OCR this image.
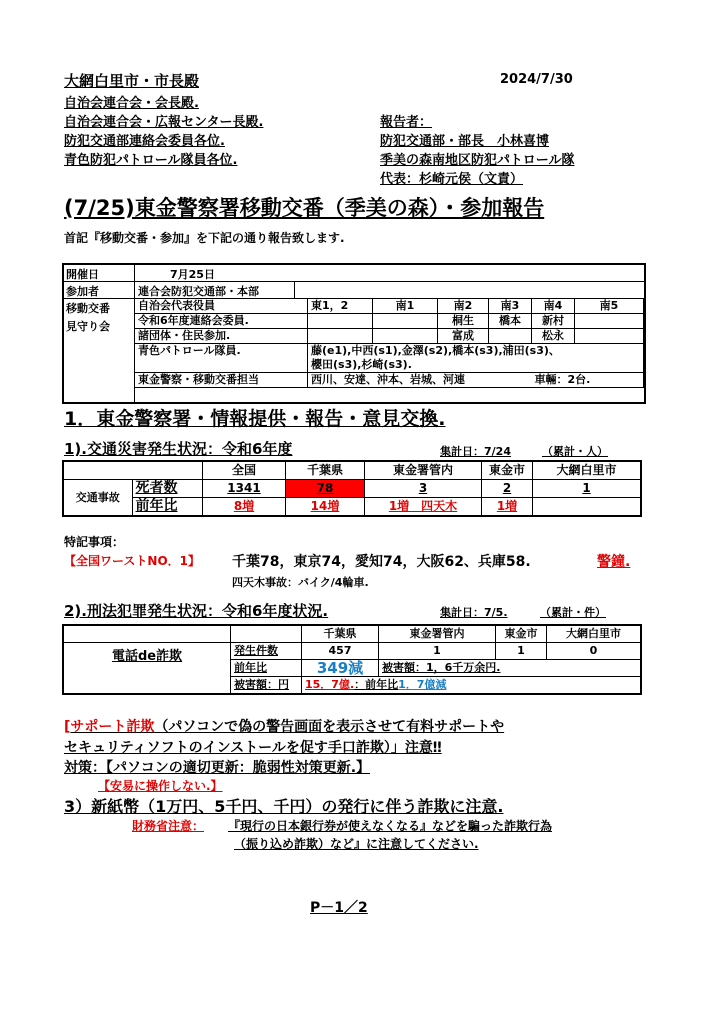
大網白里市・市長殿
自治会連合会・会長殿.
自治会連合会・広報センター長殿.
防犯交通部連絡会委員各位.
青色防犯パトロール隊員各位.
2024/7/30
報告者：
防犯交通部・部長　小林喜博
季美の森南地区防犯パトロール隊
代表：杉崎元侯（文責）
(7/25)東金警察署移動交番（季美の森）・参加報告
首記『移動交番・参加』を下記の通り報告致します.
開催日	7月25日
参加者	連合会防犯交通部・本部
移動交番
見守り会
自治会代表役員	東1，2	南1	南2	南3	南4	南5
令和6年度連絡会委員.			桐生	橋本	新村	
諸団体・住民参加.			富成		松永	
青色パトロール隊員.	藤(e1),中西(s1),金澤(s2),橋本(s3),浦田(s3)、					
	櫻田(s3),杉崎(s3).					
東金警察・移動交番担当	西川、安達、沖本、岩城、河連				車輛：2台.	
1．東金警察署・情報提供・報告・意見交換.
1).交通災害発生状況：令和6年度	集計日：7/24	（累計・人）
		全国	千葉県	東金署管内	東金市	大網白里市
交通事故	死者数	1341	78	3	2	1
	前年比	8増	14増	1増　四天木	1増	
特記事項：
【全国ワーストNO．1】 千葉78，東京74，愛知74，大阪62、兵庫58.	警鐘.
四天木事故：バイク/4輪車.
2).刑法犯罪発生状況：令和6年度状況.	集計日：7/5.	（累計・件）
		千葉県	東金署管内	東金市	大網白里市
電話de詐欺	発生件数	457	1	1	0
	前年比	349減	被害額：1，6千万余円.		
	被害額：円	15．7億.：前年比1．7億減			
[サポート詐欺（パソコンで偽の警告画面を表示させて有料サポートや
セキュリティソフトのインストールを促す手口詐欺）」注意‼
対策：【パソコンの適切更新：脆弱性対策更新.】
【安易に操作しない.】
3）新紙幣（1万円、5千円、千円）の発行に伴う詐欺に注意.
財務省注意： 『現行の日本銀行券が使えなくなる』などを騙った詐欺行為
（振り込め詐欺）など』に注意してください.
P－1／2
